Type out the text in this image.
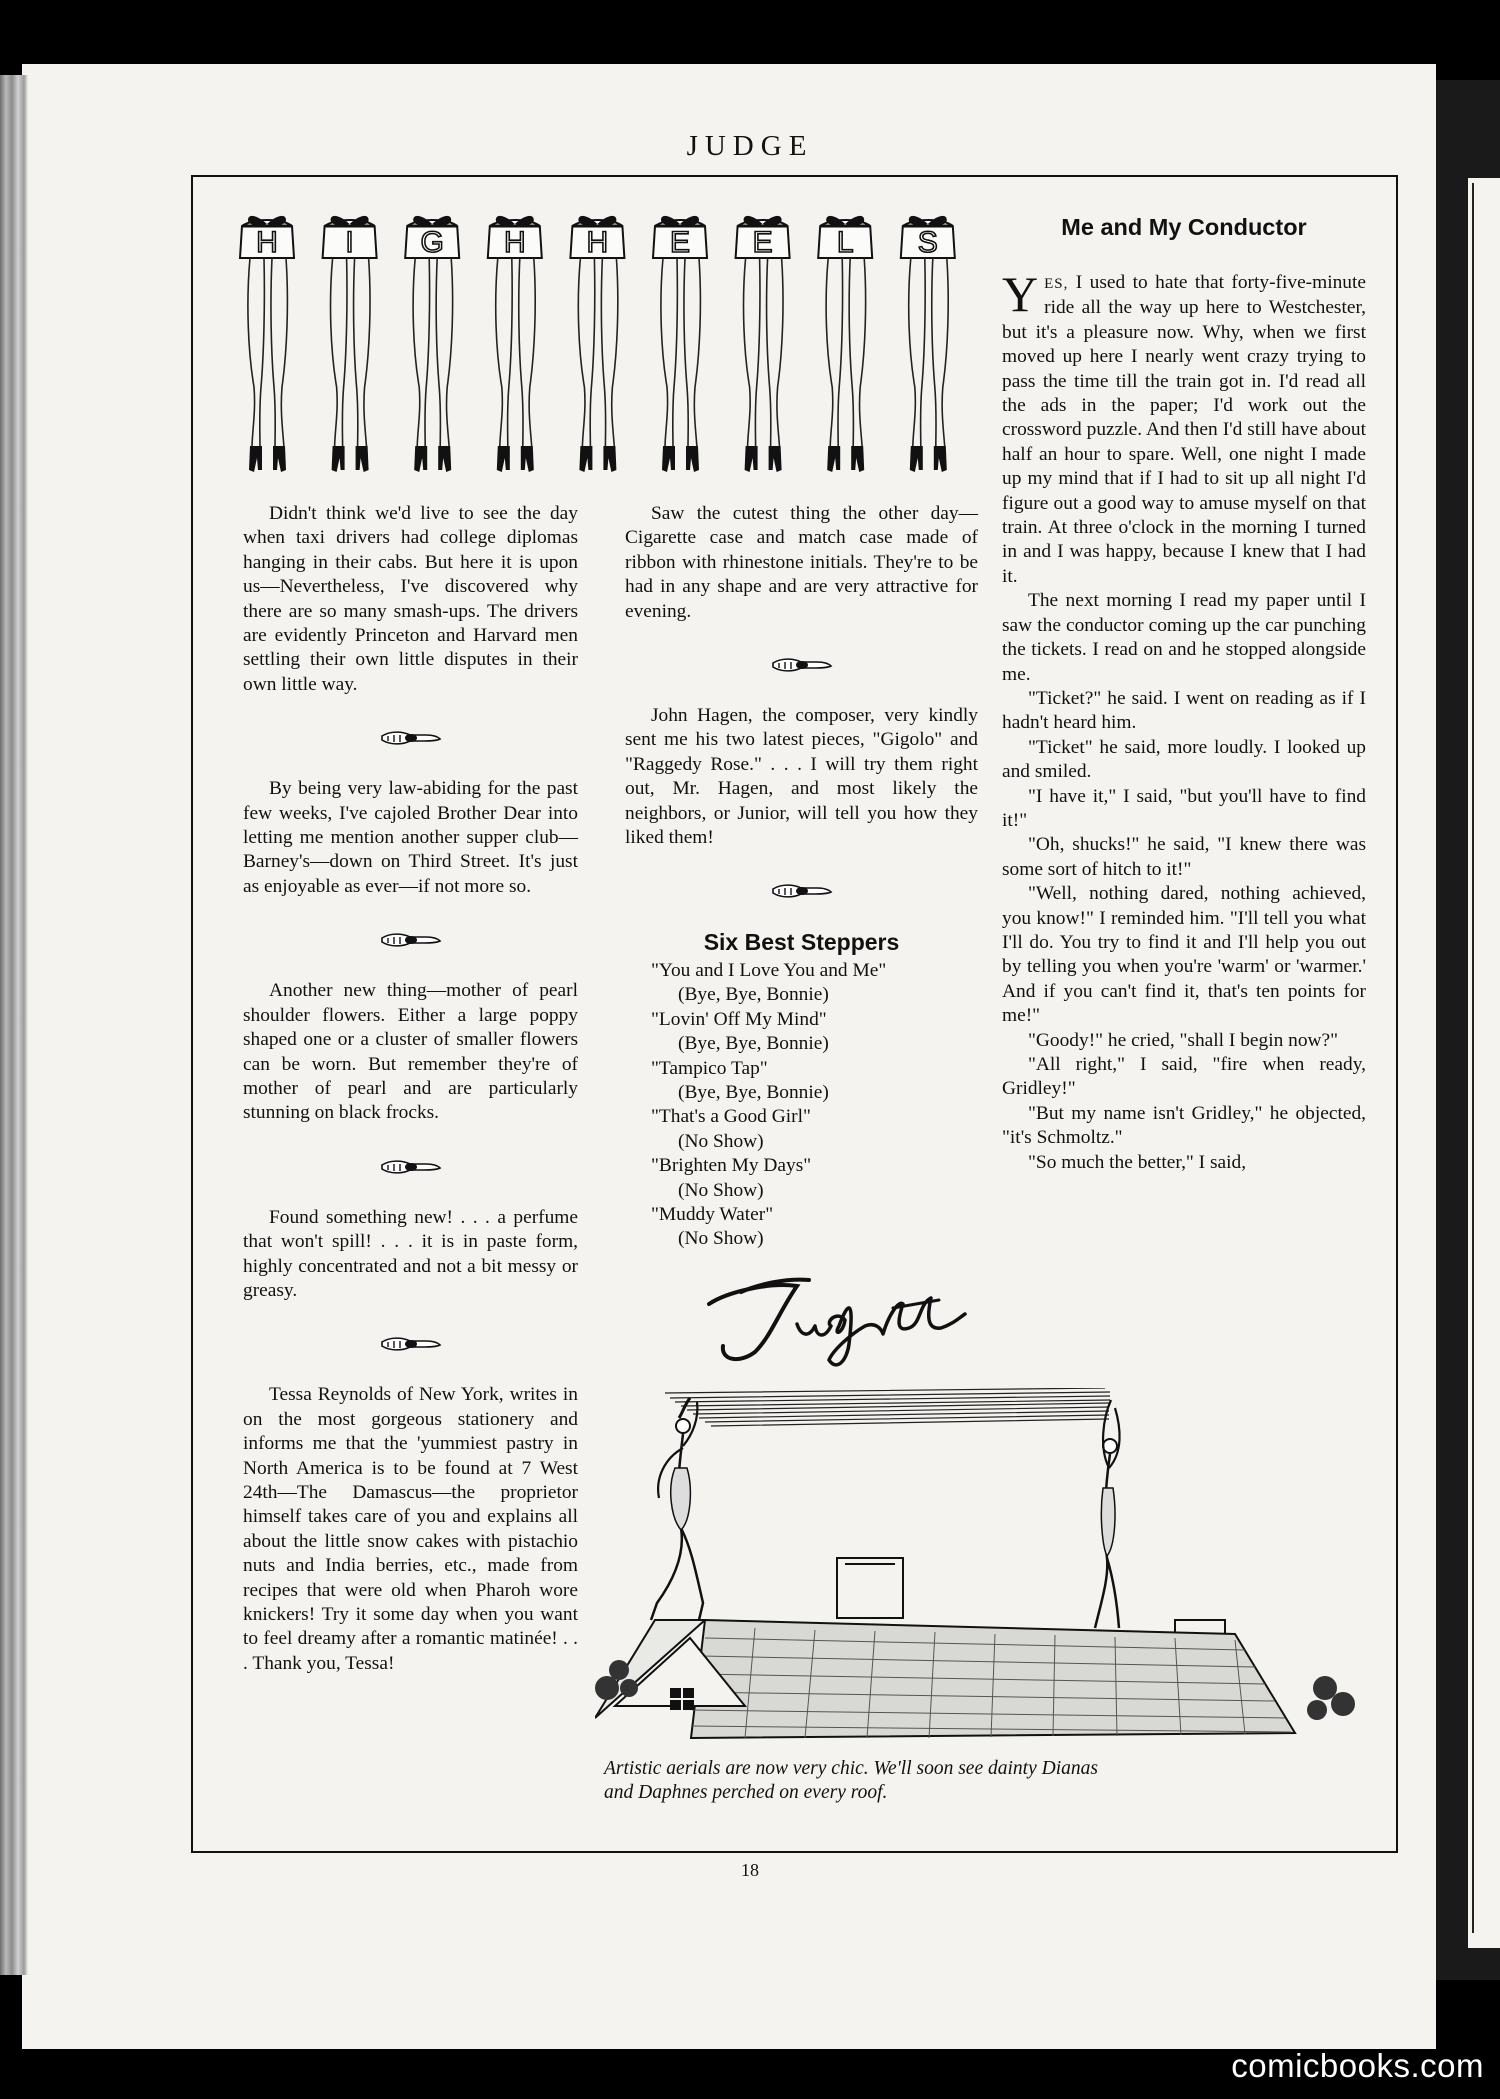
JUDGE
H I G H H E E L S

Didn't think we'd live to see the day when taxi drivers had college diplomas hanging in their cabs. But here it is upon us—Nevertheless, I've discovered why there are so many smash-ups. The drivers are evidently Princeton and Harvard men settling their own little disputes in their own little way.

By being very law-abiding for the past few weeks, I've cajoled Brother Dear into letting me mention another supper club—Barney's—down on Third Street. It's just as enjoyable as ever—if not more so.

Another new thing—mother of pearl shoulder flowers. Either a large poppy shaped one or a cluster of smaller flowers can be worn. But remember they're of mother of pearl and are particularly stunning on black frocks.

Found something new! . . . a perfume that won't spill! . . . it is in paste form, highly concentrated and not a bit messy or greasy.

Tessa Reynolds of New York, writes in on the most gorgeous stationery and informs me that the 'yummiest pastry in North America is to be found at 7 West 24th—The Damascus—the proprietor himself takes care of you and explains all about the little snow cakes with pistachio nuts and India berries, etc., made from recipes that were old when Pharoh wore knickers! Try it some day when you want to feel dreamy after a romantic matinée! . . . Thank you, Tessa!

Saw the cutest thing the other day—Cigarette case and match case made of ribbon with rhinestone initials. They're to be had in any shape and are very attractive for evening.

John Hagen, the composer, very kindly sent me his two latest pieces, "Gigolo" and "Raggedy Rose." . . . I will try them right out, Mr. Hagen, and most likely the neighbors, or Junior, will tell you how they liked them!

Six Best Steppers

"You and I Love You and Me"

(Bye, Bye, Bonnie)

"Lovin' Off My Mind"

(Bye, Bye, Bonnie)

"Tampico Tap"

(Bye, Bye, Bonnie)

"That's a Good Girl"

(No Show)

"Brighten My Days"

(No Show)

"Muddy Water"

(No Show)

Me and My Conductor

YES, I used to hate that forty-five-minute ride all the way up here to Westchester, but it's a pleasure now. Why, when we first moved up here I nearly went crazy trying to pass the time till the train got in. I'd read all the ads in the paper; I'd work out the crossword puzzle. And then I'd still have about half an hour to spare. Well, one night I made up my mind that if I had to sit up all night I'd figure out a good way to amuse myself on that train. At three o'clock in the morning I turned in and I was happy, because I knew that I had it.

The next morning I read my paper until I saw the conductor coming up the car punching the tickets. I read on and he stopped alongside me.

"Ticket?" he said. I went on reading as if I hadn't heard him.

"Ticket" he said, more loudly. I looked up and smiled.

"I have it," I said, "but you'll have to find it!"

"Oh, shucks!" he said, "I knew there was some sort of hitch to it!"

"Well, nothing dared, nothing achieved, you know!" I reminded him. "I'll tell you what I'll do. You try to find it and I'll help you out by telling you when you're 'warm' or 'warmer.' And if you can't find it, that's ten points for me!"

"Goody!" he cried, "shall I begin now?"

"All right," I said, "fire when ready, Gridley!"

"But my name isn't Gridley," he objected, "it's Schmoltz."

"So much the better," I said,

Artistic aerials are now very chic. We'll soon see dainty Dianas
and Daphnes perched on every roof.
18
comicbooks.com
